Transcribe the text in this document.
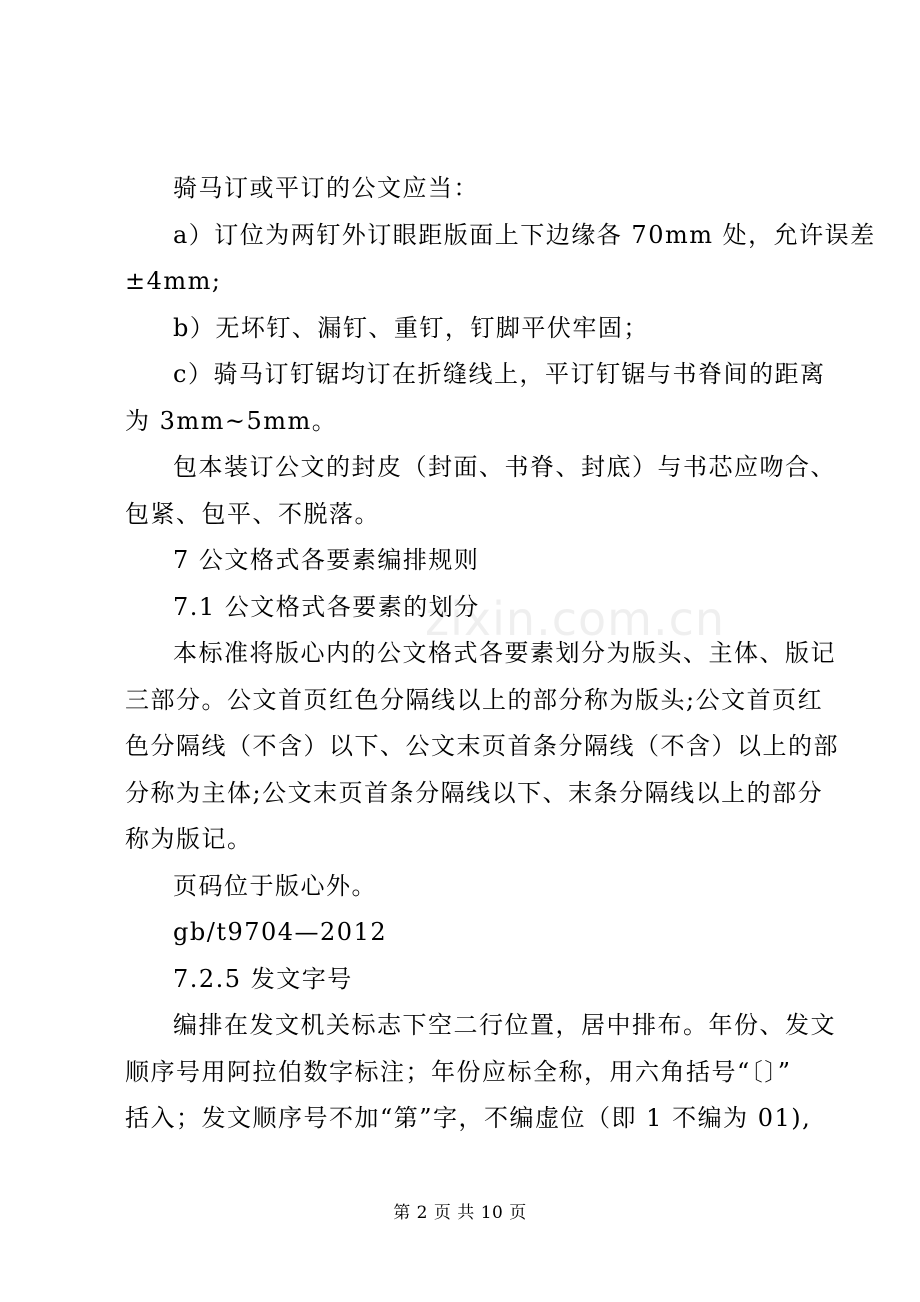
骑马订或平订的公文应当：
a）订位为两钉外订眼距版面上下边缘各 70mm 处，允许误差
±4mm;
b）无坏钉、漏钉、重钉，钉脚平伏牢固；
c）骑马订钉锯均订在折缝线上，平订钉锯与书脊间的距离
为 3mm~5mm。
包本装订公文的封皮（封面、书脊、封底）与书芯应吻合、
包紧、包平、不脱落。
7 公文格式各要素编排规则
7.1 公文格式各要素的划分
本标准将版心内的公文格式各要素划分为版头、主体、版记
三部分。公文首页红色分隔线以上的部分称为版头;公文首页红
色分隔线（不含）以下、公文末页首条分隔线（不含）以上的部
分称为主体;公文末页首条分隔线以下、末条分隔线以上的部分
称为版记。
页码位于版心外。
gb/t9704—2012
7.2.5 发文字号
编排在发文机关标志下空二行位置，居中排布。年份、发文
顺序号用阿拉伯数字标注；年份应标全称，用六角括号“〔〕”
括入；发文顺序号不加“第”字，不编虚位（即 1 不编为 01),
zixin.com.cn
第 2 页 共 10 页
